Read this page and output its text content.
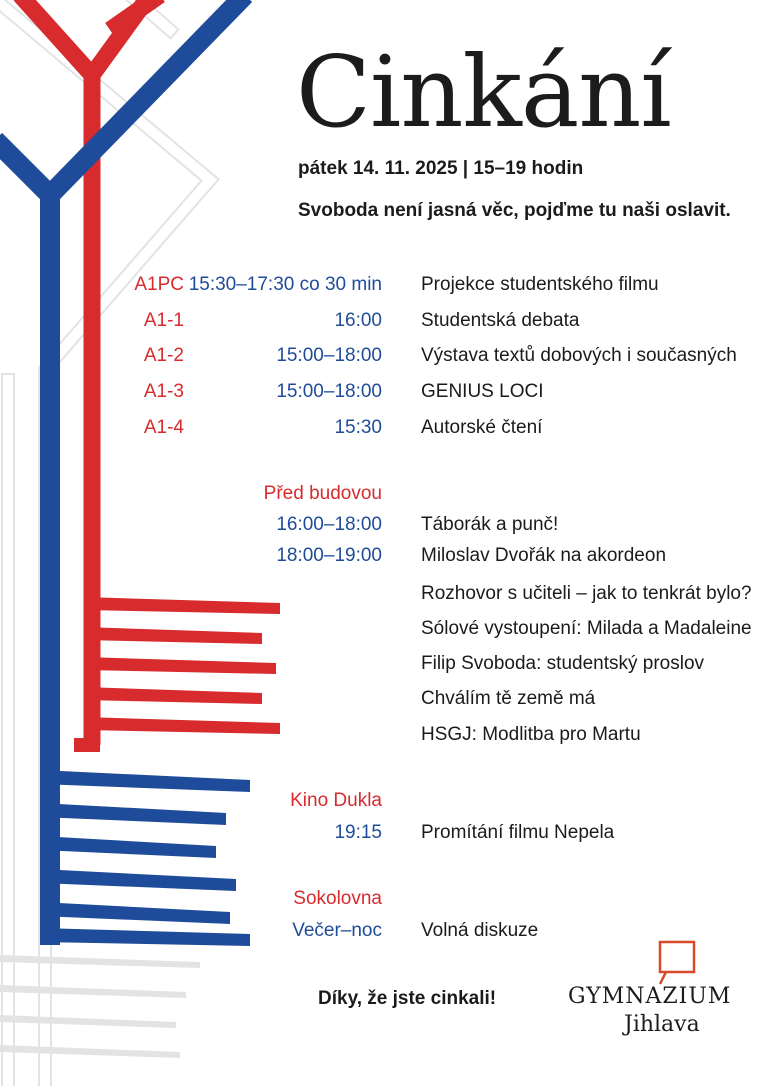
Cinkání
pátek 14. 11. 2025 | 15–19 hodin
Svoboda není jasná věc, pojďme tu naši oslavit.
A1PC 15:30–17:30 co 30 min Projekce studentského filmu
A1-1	16:00 Studentská debata
A1-2	15:00–18:00 Výstava textů dobových i současných
A1-3	15:00–18:00 GENIUS LOCI
A1-4	15:30 Autorské čtení
Před budovou
16:00–18:00 Táborák a punč!
18:00–19:00 Miloslav Dvořák na akordeon
Rozhovor s učiteli – jak to tenkrát bylo?
Sólové vystoupení: Milada a Madaleine
Filip Svoboda: studentský proslov
Chválím tě země má
HSGJ: Modlitba pro Martu
Kino Dukla
19:15 Promítání filmu Nepela
Sokolovna
Večer–noc Volná diskuze
Díky, že jste cinkali!	GYMNAZIUM
Jihlava
